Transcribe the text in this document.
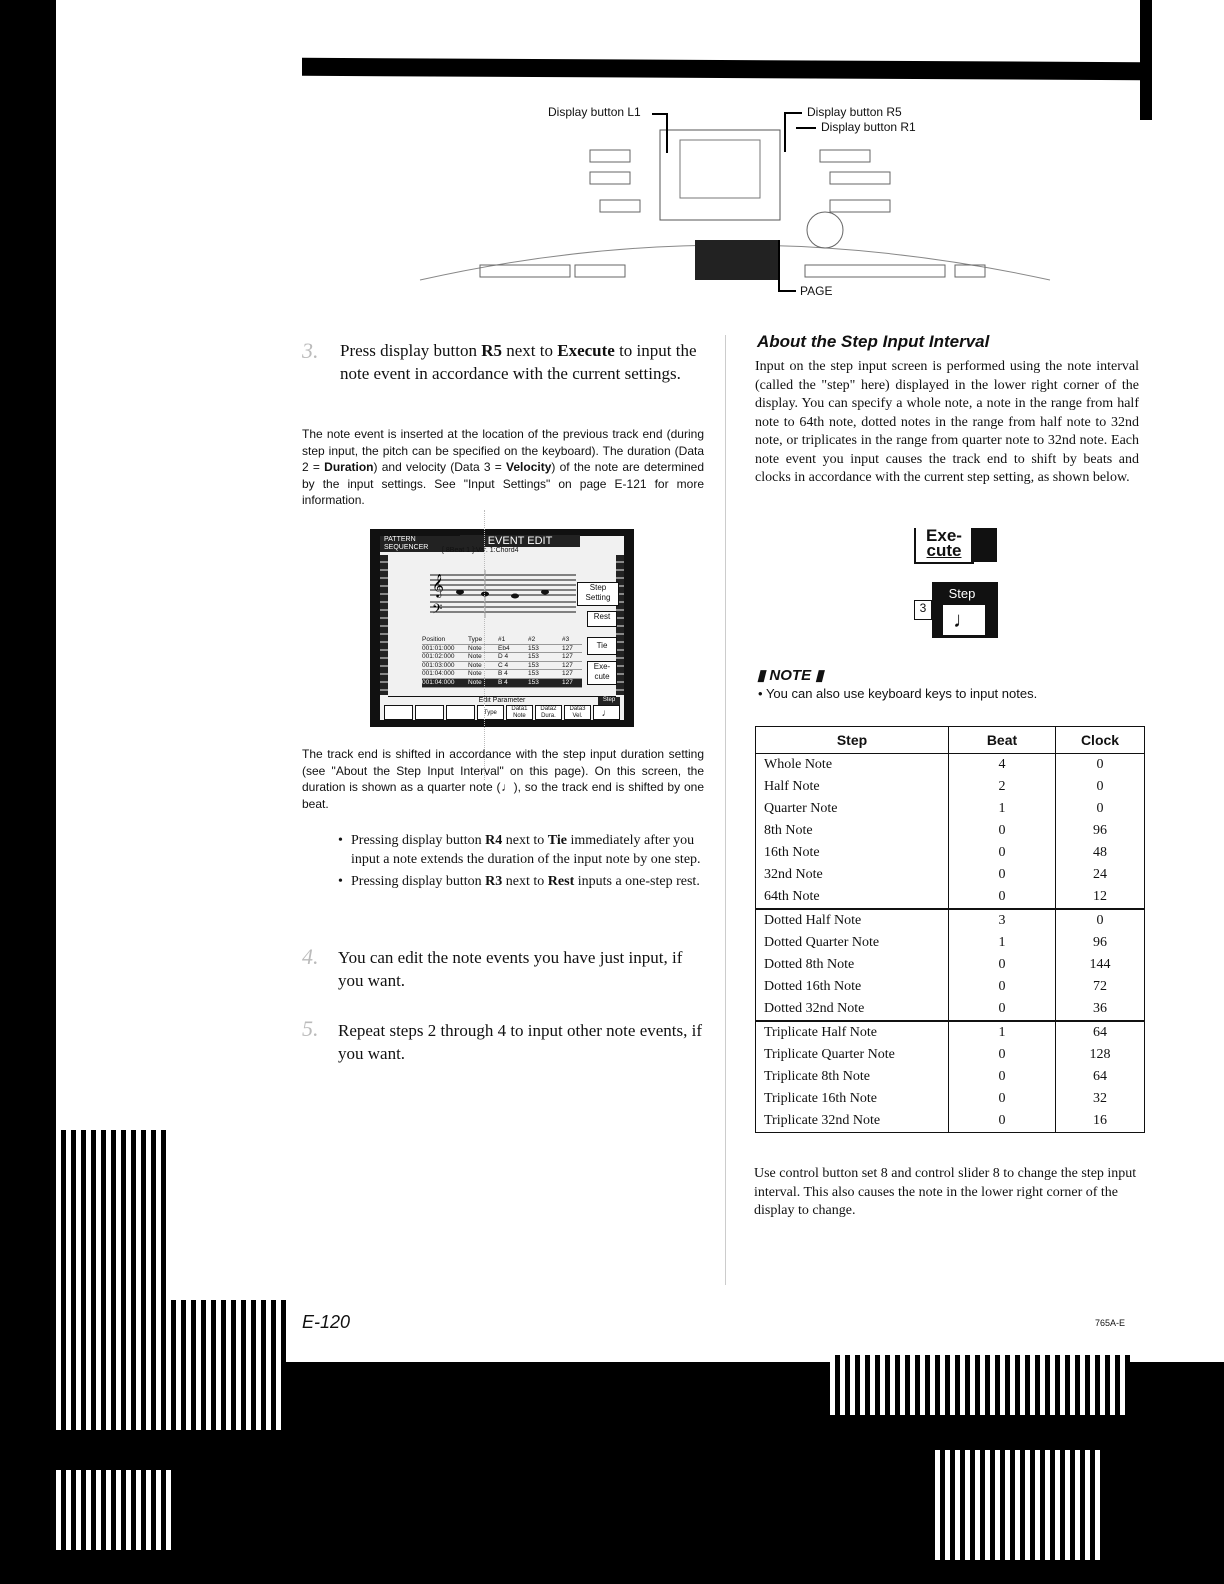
Display button L1	Display button R5
Display button R1
PAGE
3. Press display button R5 next to Execute to input the note event in accordance with the current settings.
The note event is inserted at the location of the previous track end (during step input, the pitch can be specified on the keyboard). The duration (Data 2 = Duration) and velocity (Data 3 = Velocity) of the note are determined by the input settings. See "Input Settings" on page E-121 for more information.
PATTERN
SEQUENCER
EVENT EDIT
[ 8Beat 1 ]:Var. 1:Chord4
𝄞
𝄢
Step
Setting
Rest
Tie
Exe-
cute
Position	Type	#1	#2	#3
001:01:000	Note	Eb4	153	127
001:02:000	Note	D 4	153	127
001:03:000	Note	C 4	153	127
001:04:000	Note	B 4	153	127
001:04:000	Note	B 4	153	127
Edit Parameter	Step
Type
Data1
Note
Data2
Dura.
Data3
Vel.	♩
The track end is shifted in accordance with the step input duration setting (see "About the Step Input Interval" on this page). On this screen, the duration is shown as a quarter note (♩), so the track end is shifted by one beat.
• Pressing display button R4 next to Tie immediately after you input a note extends the duration of the input note by one step.
• Pressing display button R3 next to Rest inputs a one-step rest.
4. You can edit the note events you have just input, if you want.
5. Repeat steps 2 through 4 to input other note events, if you want.
About the Step Input Interval
Input on the step input screen is performed using the note interval (called the "step" here) displayed in the lower right corner of the display. You can specify a whole note, a note in the range from half note to 64th note, dotted notes in the range from half note to 32nd note, or triplicates in the range from quarter note to 32nd note. Each note event you input causes the track end to shift by beats and clocks in accordance with the current step setting, as shown below.
Exe-
cute
Step
♩
3
▮ NOTE ▮
• You can also use keyboard keys to input notes.
Step	Beat	Clock
Whole Note	4	0
Half Note	2	0
Quarter Note	1	0
8th Note	0	96
16th Note	0	48
32nd Note	0	24
64th Note	0	12
Dotted Half Note	3	0
Dotted Quarter Note	1	96
Dotted 8th Note	0	144
Dotted 16th Note	0	72
Dotted 32nd Note	0	36
Triplicate Half Note	1	64
Triplicate Quarter Note	0	128
Triplicate 8th Note	0	64
Triplicate 16th Note	0	32
Triplicate 32nd Note	0	16
Use control button set 8 and control slider 8 to change the step input interval. This also causes the note in the lower right corner of the display to change.
E-120	765A-E
